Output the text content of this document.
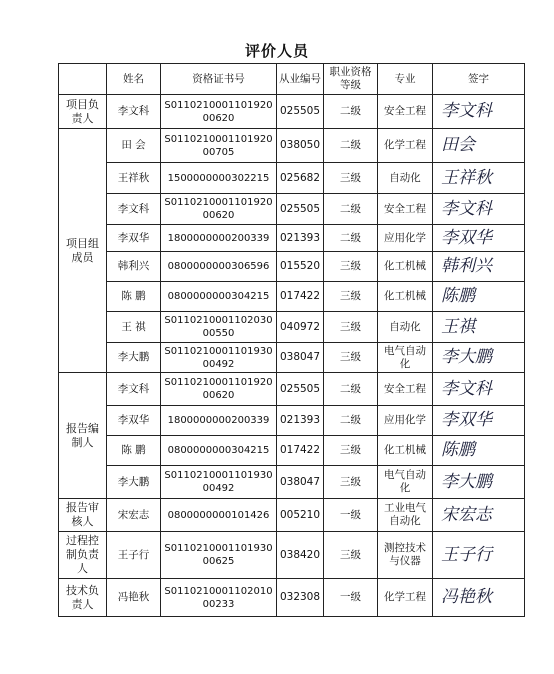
评价人员
	姓名	资格证书号	从业编号	职业资格等级	专业	签字
项目负责人	李文科	S011021000110192000620	025505	二级	安全工程	李文科
项目组成员	田 会	S011021000110192000705	038050	二级	化学工程	田会
	王祥秋	1500000000302215	025682	三级	自动化	王祥秋
	李文科	S011021000110192000620	025505	二级	安全工程	李文科
	李双华	1800000000200339	021393	二级	应用化学	李双华
	韩利兴	0800000000306596	015520	三级	化工机械	韩利兴
	陈 鹏	0800000000304215	017422	三级	化工机械	陈鹏
	王 祺	S011021000110203000550	040972	三级	自动化	王祺
	李大鹏	S011021000110193000492	038047	三级	电气自动化	李大鹏
报告编制人	李文科	S011021000110192000620	025505	二级	安全工程	李文科
	李双华	1800000000200339	021393	二级	应用化学	李双华
	陈 鹏	0800000000304215	017422	三级	化工机械	陈鹏
	李大鹏	S011021000110193000492	038047	三级	电气自动化	李大鹏
报告审核人	宋宏志	0800000000101426	005210	一级	工业电气自动化	宋宏志
过程控制负责人	王子行	S011021000110193000625	038420	三级	测控技术与仪器	王子行
技术负责人	冯艳秋	S011021000110201000233	032308	一级	化学工程	冯艳秋
